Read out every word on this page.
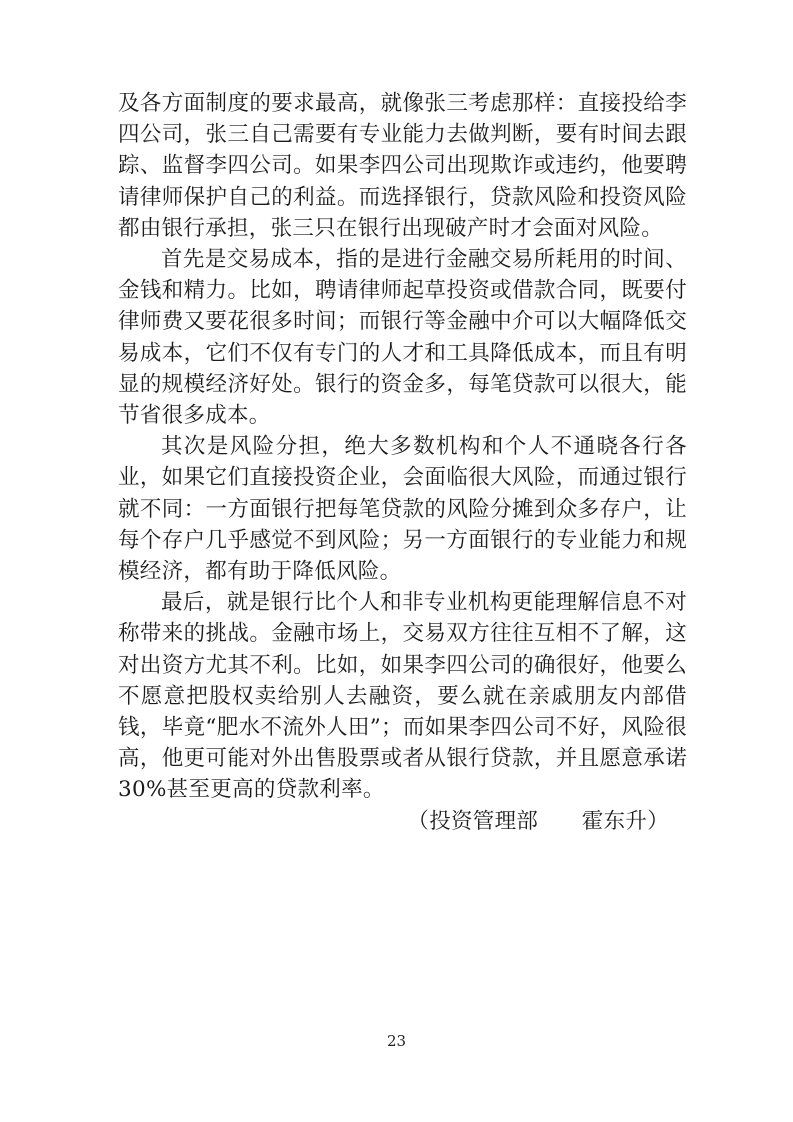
及各方面制度的要求最高，就像张三考虑那样：直接投给李四公司，张三自己需要有专业能力去做判断，要有时间去跟踪、监督李四公司。如果李四公司出现欺诈或违约，他要聘请律师保护自己的利益。而选择银行，贷款风险和投资风险都由银行承担，张三只在银行出现破产时才会面对风险。

首先是交易成本，指的是进行金融交易所耗用的时间、金钱和精力。比如，聘请律师起草投资或借款合同，既要付律师费又要花很多时间；而银行等金融中介可以大幅降低交易成本，它们不仅有专门的人才和工具降低成本，而且有明显的规模经济好处。银行的资金多，每笔贷款可以很大，能节省很多成本。

其次是风险分担，绝大多数机构和个人不通晓各行各业，如果它们直接投资企业，会面临很大风险，而通过银行就不同：一方面银行把每笔贷款的风险分摊到众多存户，让每个存户几乎感觉不到风险；另一方面银行的专业能力和规模经济，都有助于降低风险。

最后，就是银行比个人和非专业机构更能理解信息不对称带来的挑战。金融市场上，交易双方往往互相不了解，这对出资方尤其不利。比如，如果李四公司的确很好，他要么不愿意把股权卖给别人去融资，要么就在亲戚朋友内部借钱，毕竟“肥水不流外人田”；而如果李四公司不好，风险很高，他更可能对外出售股票或者从银行贷款，并且愿意承诺 30%甚至更高的贷款利率。

（投资管理部　　霍东升）

23
